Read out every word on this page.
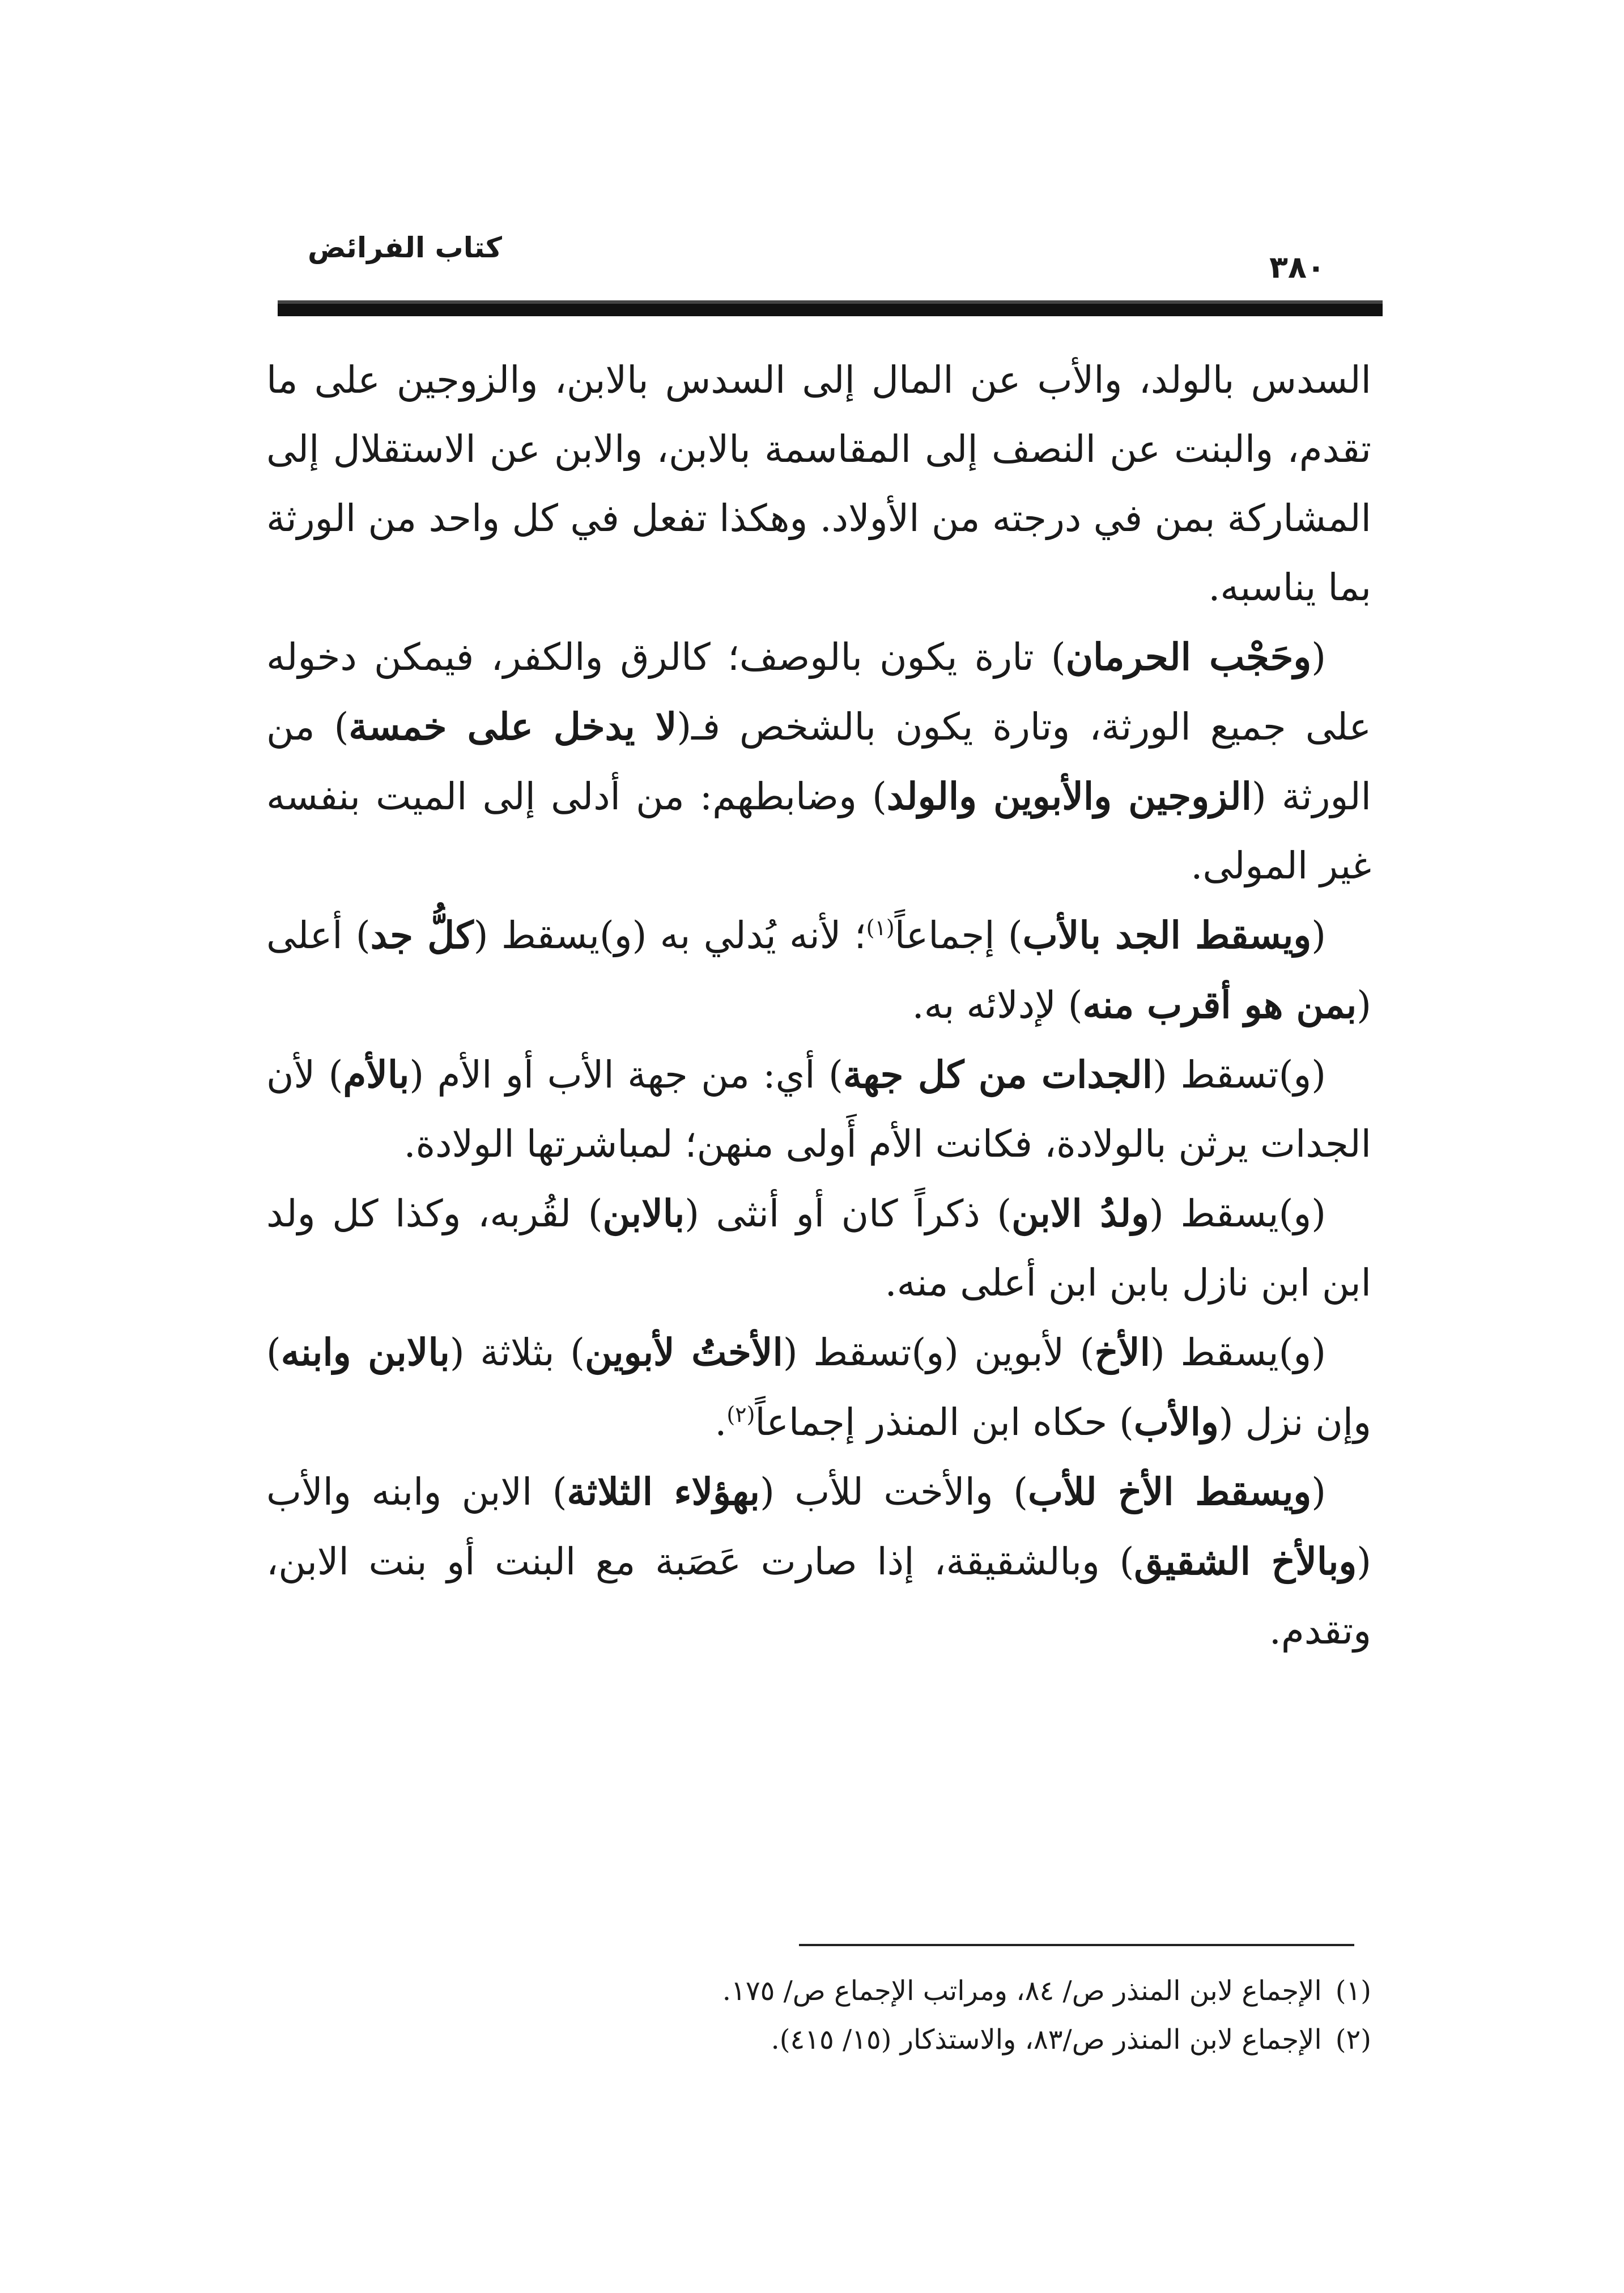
كتاب الفرائض
٣٨٠

السدس بالولد، والأب عن المال إلى السدس بالابن، والزوجين على ما تقدم، والبنت عن النصف إلى المقاسمة بالابن، والابن عن الاستقلال إلى المشاركة بمن في درجته من الأولاد. وهكذا تفعل في كل واحد من الورثة بما يناسبه.

(وحَجْب الحرمان) تارة يكون بالوصف؛ كالرق والكفر، فيمكن دخوله على جميع الورثة، وتارة يكون بالشخص فـ(لا يدخل على خمسة) من الورثة (الزوجين والأبوين والولد) وضابطهم: من أدلى إلى الميت بنفسه غير المولى.

(ويسقط الجد بالأب) إجماعاً$^{(١)}$؛ لأنه يُدلي به (و)يسقط (كلُّ جد) أعلى (بمن هو أقرب منه) لإدلائه به.

(و)تسقط (الجدات من كل جهة) أي: من جهة الأب أو الأم (بالأم) لأن الجدات يرثن بالولادة، فكانت الأم أَولى منهن؛ لمباشرتها الولادة.

(و)يسقط (ولدُ الابن) ذكراً كان أو أنثى (بالابن) لقُربه، وكذا كل ولد ابن ابن نازل بابن ابن أعلى منه.

(و)يسقط (الأخ) لأبوين (و)تسقط (الأختُ لأبوين) بثلاثة (بالابن وابنه) وإن نزل (والأب) حكاه ابن المنذر إجماعاً$^{(٢)}$.

(ويسقط الأخ للأب) والأخت للأب (بهؤلاء الثلاثة) الابن وابنه والأب (وبالأخ الشقيق) وبالشقيقة، إذا صارت عَصَبة مع البنت أو بنت الابن، وتقدم.

(١)الإجماع لابن المنذر ص/ ٨٤، ومراتب الإجماع ص/ ١٧٥.

(٢)الإجماع لابن المنذر ص/٨٣، والاستذكار (١٥/ ٤١٥).
